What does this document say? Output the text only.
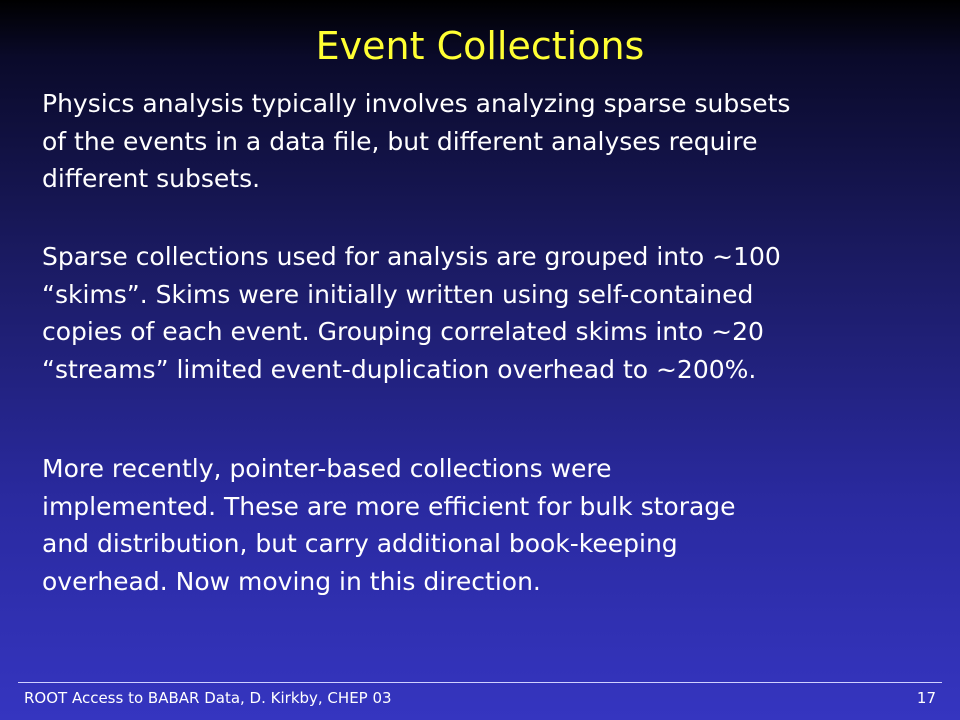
Event Collections
Physics analysis typically involves analyzing sparse subsets
of the events in a data file, but different analyses require
different subsets.
Sparse collections used for analysis are grouped into ~100
“skims”. Skims were initially written using self-contained
copies of each event. Grouping correlated skims into ~20
“streams” limited event-duplication overhead to ~200%.
More recently, pointer-based collections were
implemented. These are more efficient for bulk storage
and distribution, but carry additional book-keeping
overhead. Now moving in this direction.
ROOT Access to BABAR Data, D. Kirkby, CHEP 03	17
